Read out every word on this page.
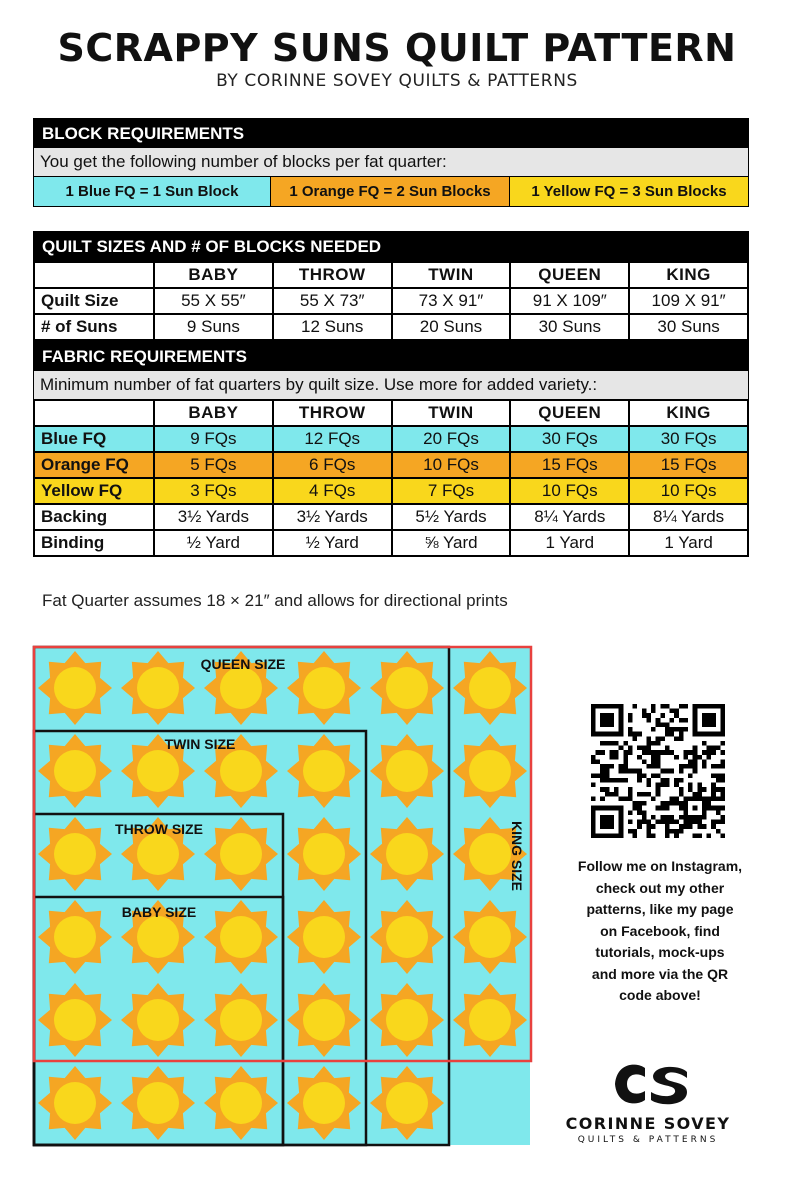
SCRAPPY SUNS QUILT PATTERN
BY CORINNE SOVEY QUILTS & PATTERNS
BLOCK REQUIREMENTS
You get the following number of blocks per fat quarter:
1 Blue FQ = 1 Sun Block	1 Orange FQ = 2 Sun Blocks	1 Yellow FQ = 3 Sun Blocks
QUILT SIZES AND # OF BLOCKS NEEDED
	BABY	THROW	TWIN	QUEEN	KING
Quilt Size	55 X 55″	55 X 73″	73 X 91″	91 X 109″	109 X 91″
# of Suns	9 Suns	12 Suns	20 Suns	30 Suns	30 Suns
FABRIC REQUIREMENTS
Minimum number of fat quarters by quilt size. Use more for added variety.:
	BABY	THROW	TWIN	QUEEN	KING
Blue FQ	9 FQs	12 FQs	20 FQs	30 FQs	30 FQs
Orange FQ	5 FQs	6 FQs	10 FQs	15 FQs	15 FQs
Yellow FQ	3 FQs	4 FQs	7 FQs	10 FQs	10 FQs
Backing	3½ Yards	3½ Yards	5½ Yards	8¼ Yards	8¼ Yards
Binding	½ Yard	½ Yard	⅝ Yard	1 Yard	1 Yard
Fat Quarter assumes 18 × 21″ and allows for directional prints
QUEEN SIZE
TWIN SIZE
THROW SIZE
BABY SIZE
KING SIZE	Follow me on Instagram,
check out my other
patterns, like my page
on Facebook, find
tutorials, mock-ups
and more via the QR
code above!
CORINNE SOVEY
QUILTS & PATTERNS
